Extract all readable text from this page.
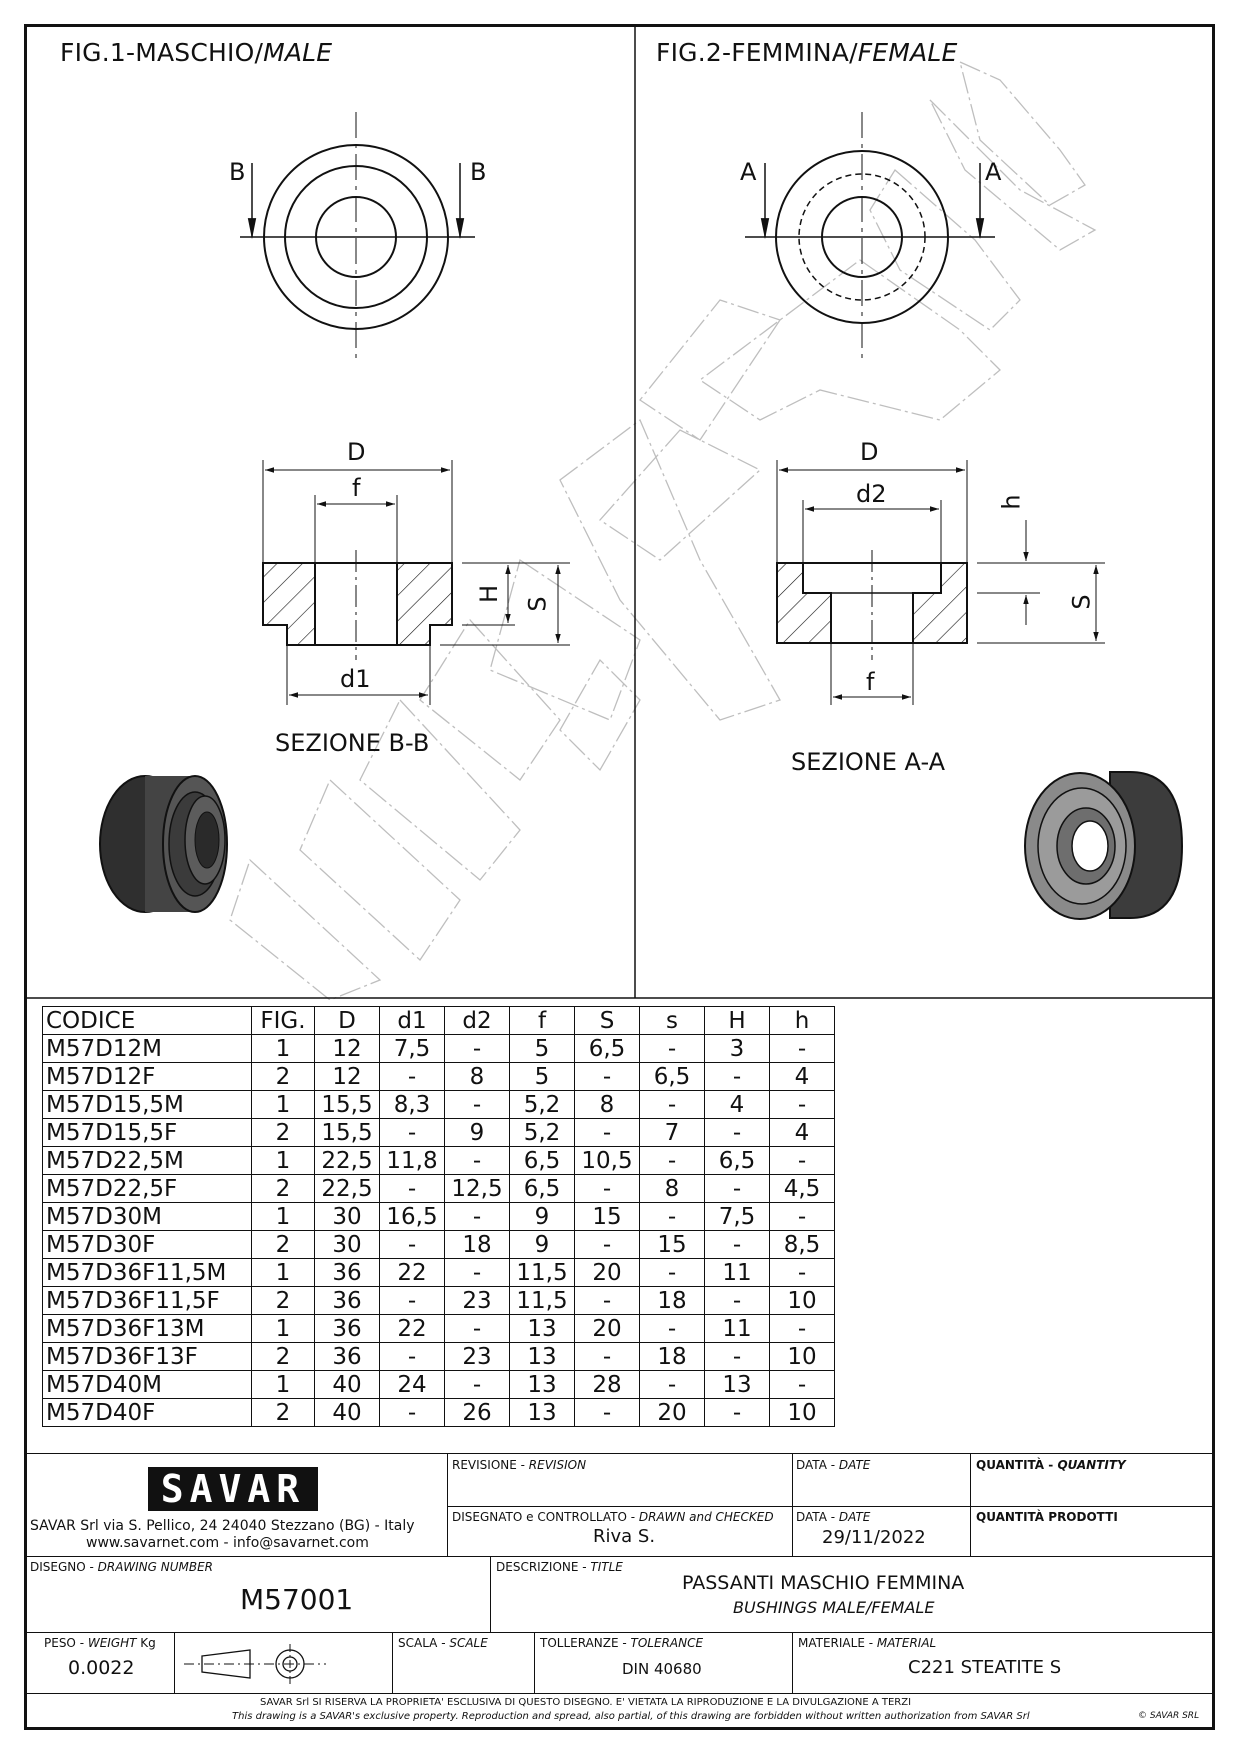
FIG.1-MASCHIO/MALE	FIG.2-FEMMINA/FEMALE
B	B	A	A
D
f
d1
H
S
D
d2
f
h
S
SEZIONE B-B
SEZIONE A-A
CODICE	FIG.	D	d1	d2	f	S	s	H	h
M57D12M	1	12	7,5	-	5	6,5	-	3	-
M57D12F	2	12	-	8	5	-	6,5	-	4
M57D15,5M	1	15,5	8,3	-	5,2	8	-	4	-
M57D15,5F	2	15,5	-	9	5,2	-	7	-	4
M57D22,5M	1	22,5	11,8	-	6,5	10,5	-	6,5	-
M57D22,5F	2	22,5	-	12,5	6,5	-	8	-	4,5
M57D30M	1	30	16,5	-	9	15	-	7,5	-
M57D30F	2	30	-	18	9	-	15	-	8,5
M57D36F11,5M	1	36	22	-	11,5	20	-	11	-
M57D36F11,5F	2	36	-	23	11,5	-	18	-	10
M57D36F13M	1	36	22	-	13	20	-	11	-
M57D36F13F	2	36	-	23	13	-	18	-	10
M57D40M	1	40	24	-	13	28	-	13	-
M57D40F	2	40	-	26	13	-	20	-	10
SAVAR
SAVAR Srl via S. Pellico, 24 24040 Stezzano (BG) - Italy
www.savarnet.com - info@savarnet.com
REVISIONE - REVISION	DATA - DATE	QUANTITÀ - QUANTITY
DISEGNATO e CONTROLLATO - DRAWN and CHECKED
Riva S.
DATA - DATE
29/11/2022
QUANTITÀ PRODOTTI
DISEGNO - DRAWING NUMBER
M57001
DESCRIZIONE - TITLE
PASSANTI MASCHIO FEMMINA
BUSHINGS MALE/FEMALE
PESO - WEIGHT Kg
0.0022
SCALA - SCALE	TOLLERANZE - TOLERANCE
DIN 40680
MATERIALE - MATERIAL
C221 STEATITE S
SAVAR Srl SI RISERVA LA PROPRIETA' ESCLUSIVA DI QUESTO DISEGNO. E' VIETATA LA RIPRODUZIONE E LA DIVULGAZIONE A TERZI
This drawing is a SAVAR's exclusive property. Reproduction and spread, also partial, of this drawing are forbidden without written authorization from SAVAR Srl	© SAVAR SRL
